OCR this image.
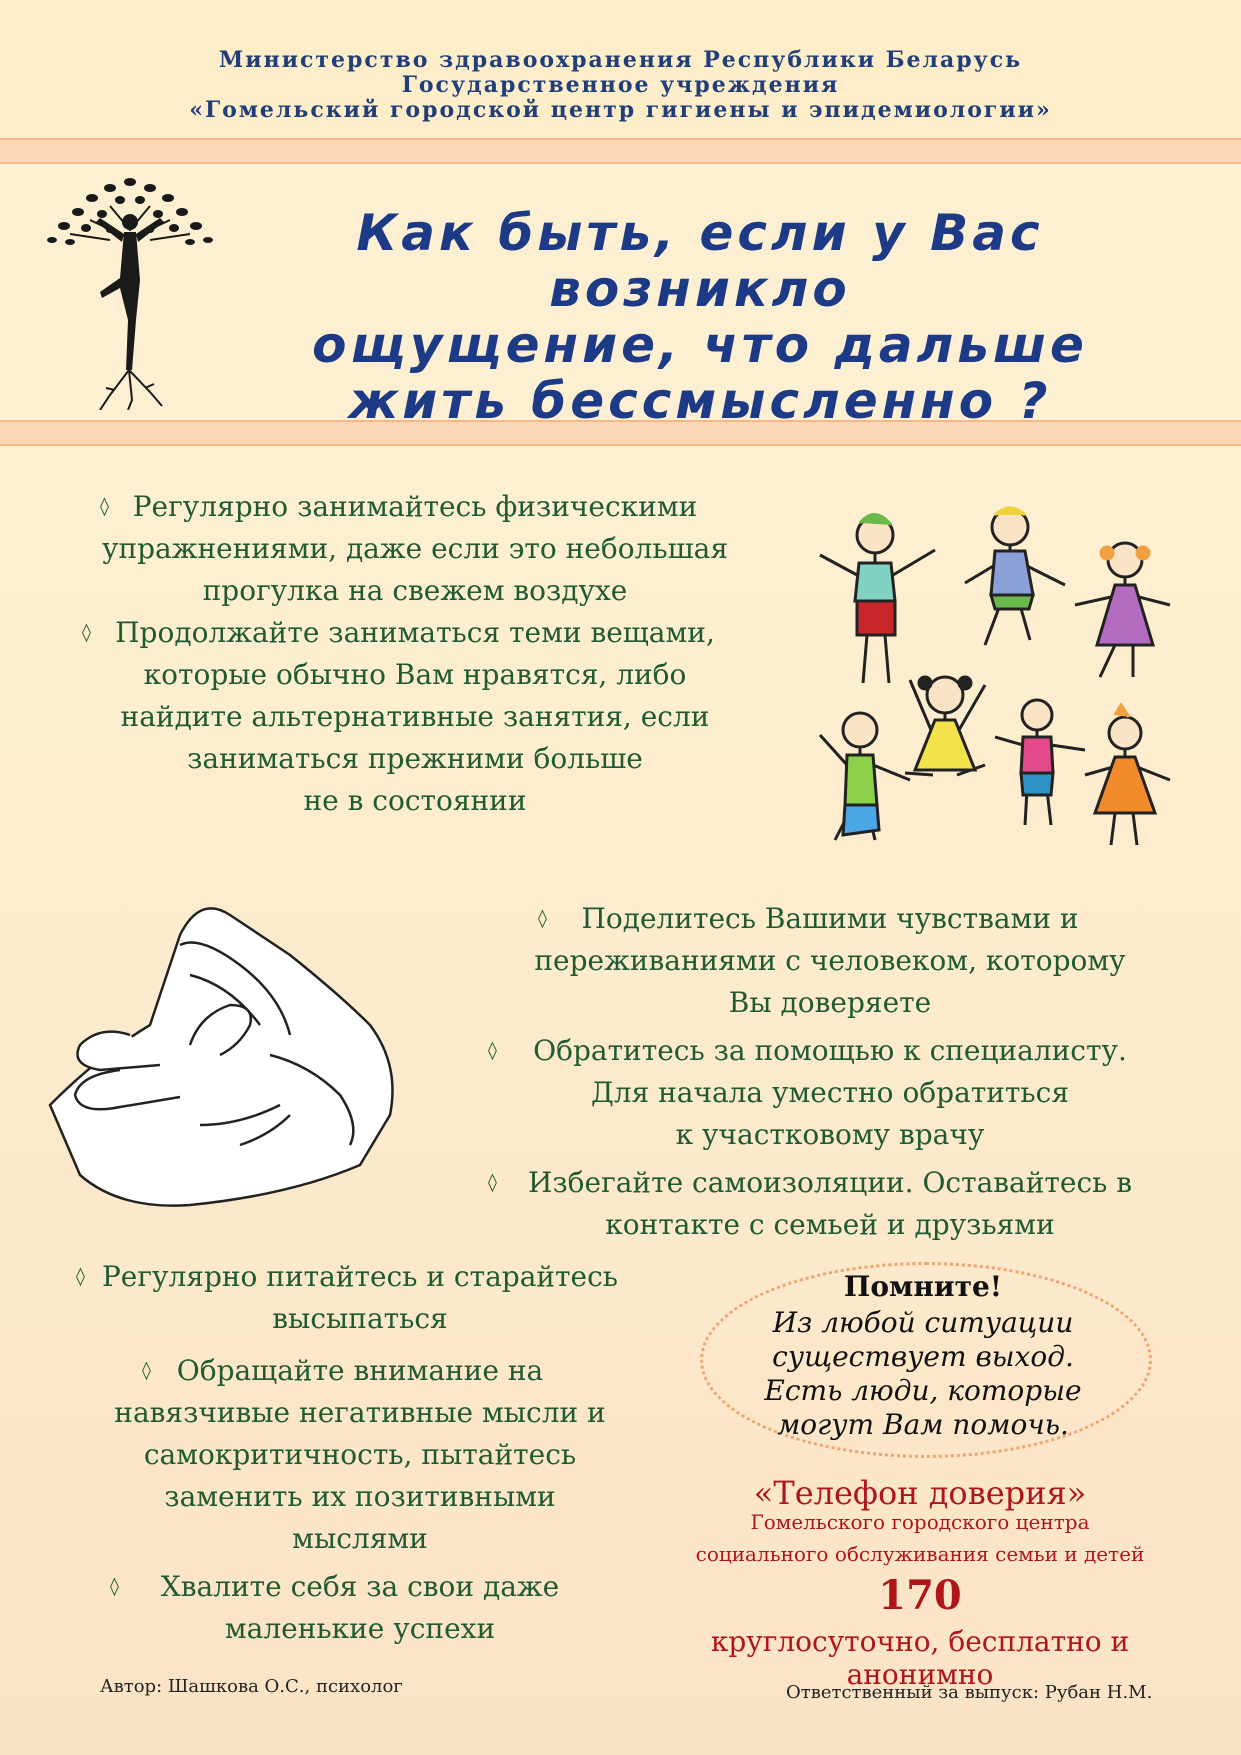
Министерство здравоохранения Республики Беларусь
Государственное учреждения
«Гомельский городской центр гигиены и эпидемиологии»
Как быть, если у Вас возникло
ощущение, что дальше
жить бессмысленно ?
◊ Регулярно занимайтесь физическими
упражнениями, даже если это небольшая
прогулка на свежем воздухе
◊ Продолжайте заниматься теми вещами,
которые обычно Вам нравятся, либо
найдите альтернативные занятия, если
заниматься прежними больше
не в состоянии
◊	Поделитесь Вашими чувствами и
переживаниями с человеком, которому
Вы доверяете
◊	Обратитесь за помощью к специалисту.
Для начала уместно обратиться
к участковому врачу
◊	Избегайте самоизоляции. Оставайтесь в
контакте с семьей и друзьями
◊ Регулярно питайтесь и старайтесь
высыпаться
◊ Обращайте внимание на
навязчивые негативные мысли и
самокритичность, пытайтесь
заменить их позитивными
мыслями
◊	Хвалите себя за свои даже
маленькие успехи
Помните!
Из любой ситуации
существует выход.
Есть люди, которые
могут Вам помочь.
«Телефон доверия»
Гомельского городского центра
социального обслуживания семьи и детей
170
круглосуточно, бесплатно и анонимно
Автор: Шашкова О.С., психолог	Ответственный за выпуск: Рубан Н.М.
